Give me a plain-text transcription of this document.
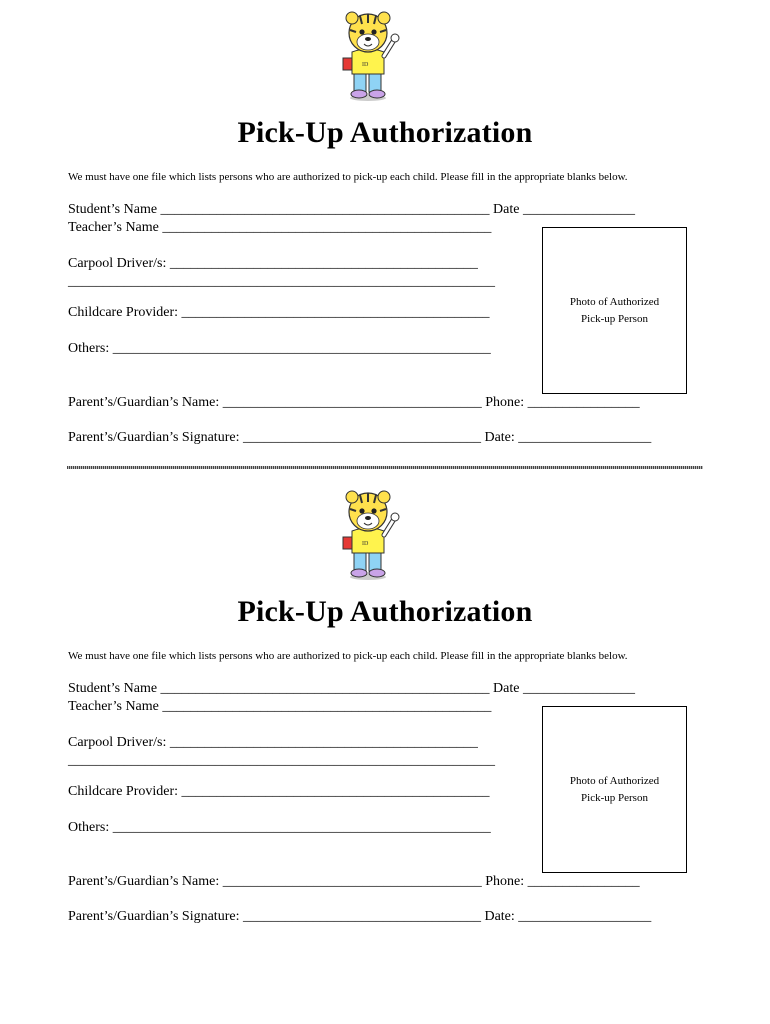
ID
Pick-Up Authorization
We must have one file which lists persons who are authorized to pick-up each child. Please fill in the appropriate blanks below.
Student’s Name _______________________________________________ Date ________________
Teacher’s Name _______________________________________________
Carpool Driver/s: ____________________________________________
_____________________________________________________________
Childcare Provider: ____________________________________________
Others: ______________________________________________________
Parent’s/Guardian’s Name: _____________________________________ Phone: ________________
Parent’s/Guardian’s Signature: __________________________________ Date: ___________________
Photo of Authorized
Pick-up Person
ID
Pick-Up Authorization
We must have one file which lists persons who are authorized to pick-up each child. Please fill in the appropriate blanks below.
Student’s Name _______________________________________________ Date ________________
Teacher’s Name _______________________________________________
Carpool Driver/s: ____________________________________________
_____________________________________________________________
Childcare Provider: ____________________________________________
Others: ______________________________________________________
Parent’s/Guardian’s Name: _____________________________________ Phone: ________________
Parent’s/Guardian’s Signature: __________________________________ Date: ___________________
Photo of Authorized
Pick-up Person
